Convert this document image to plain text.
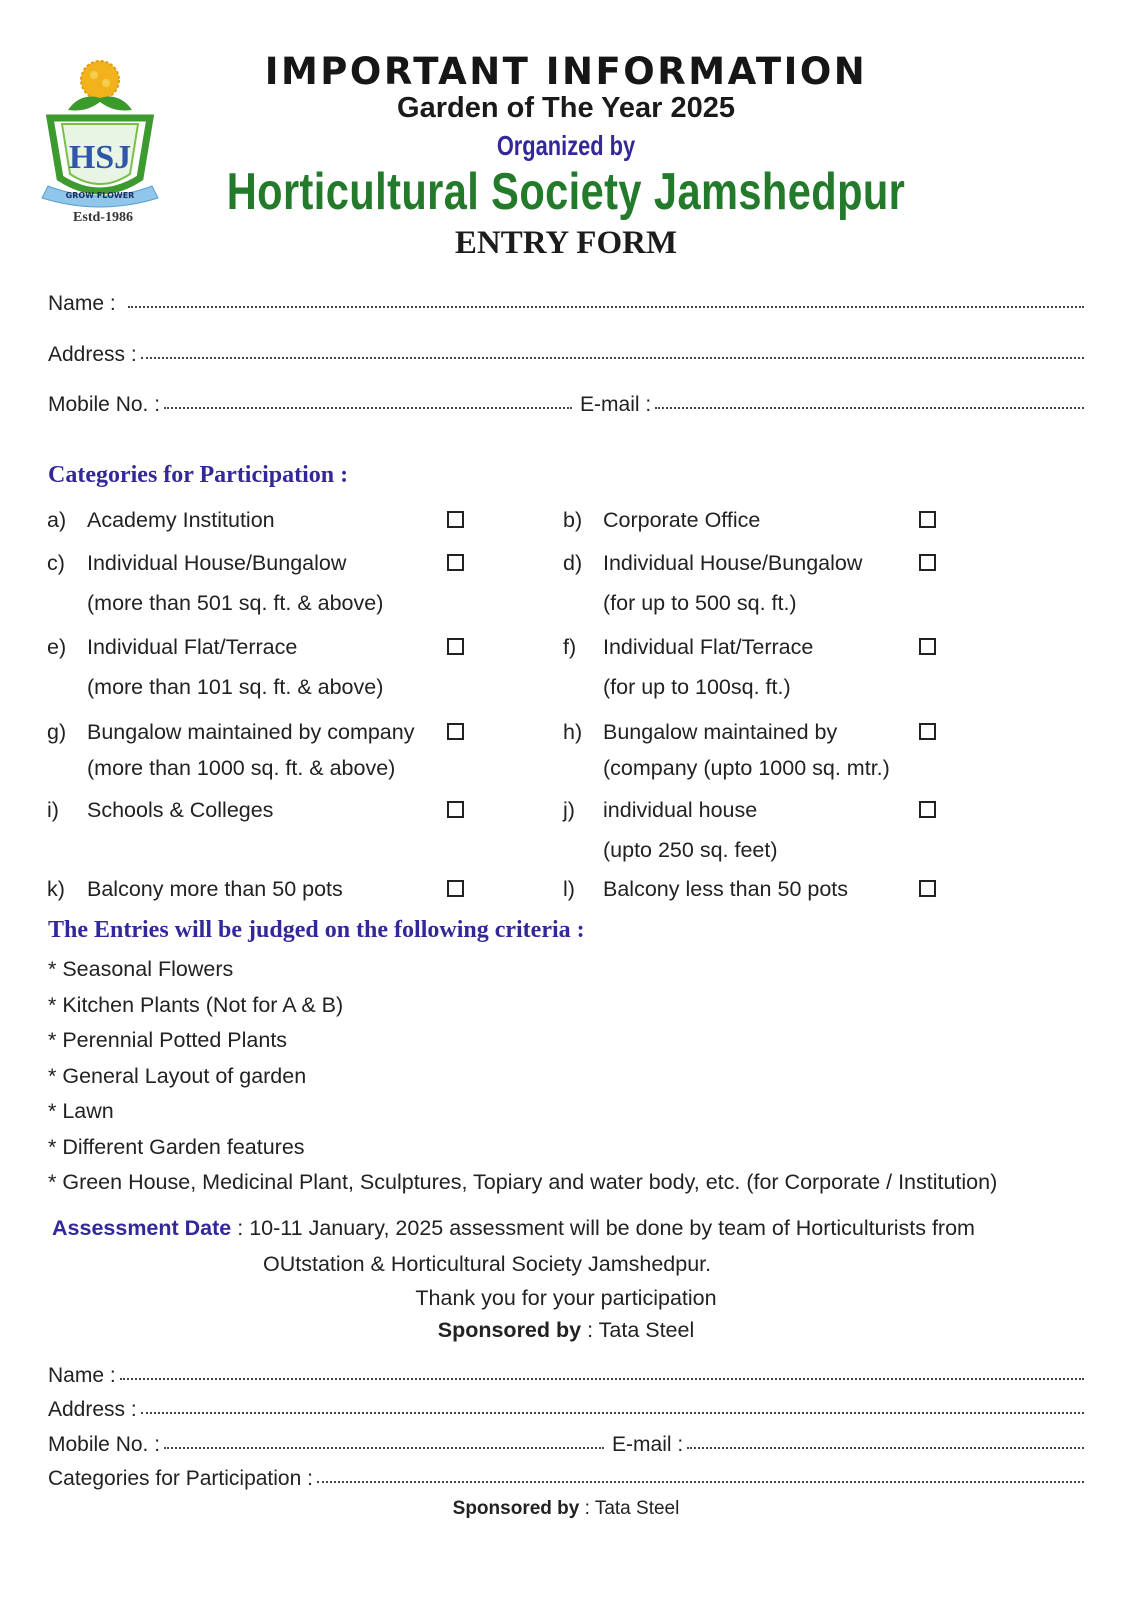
HSJ
GROW FLOWER
Estd-1986
IMPORTANT INFORMATION
Garden of The Year 2025
Organized by
Horticultural Society Jamshedpur
ENTRY FORM
Name :
Address :
Mobile No. :	E-mail :
Categories for Participation :
a) Academy Institution	b) Corporate Office
c) Individual House/Bungalow
(more than 501 sq. ft. & above)
d) Individual House/Bungalow
(for up to 500 sq. ft.)
e) Individual Flat/Terrace
(more than 101 sq. ft. & above)
f) Individual Flat/Terrace
(for up to 100sq. ft.)
g) Bungalow maintained by company
(more than 1000 sq. ft. & above)
h) Bungalow maintained by
(company (upto 1000 sq. mtr.)
i) Schools & Colleges	j) individual house
(upto 250 sq. feet)
k) Balcony more than 50 pots	l) Balcony less than 50 pots
The Entries will be judged on the following criteria :
* Seasonal Flowers
* Kitchen Plants (Not for A & B)
* Perennial Potted Plants
* General Layout of garden
* Lawn
* Different Garden features
* Green House, Medicinal Plant, Sculptures, Topiary and water body, etc. (for Corporate / Institution)
Assessment Date : 10-11 January, 2025 assessment will be done by team of Horticulturists from
OUtstation & Horticultural Society Jamshedpur.
Thank you for your participation
Sponsored by : Tata Steel
Name :
Address :
Mobile No. :	E-mail :
Categories for Participation :
Sponsored by : Tata Steel
